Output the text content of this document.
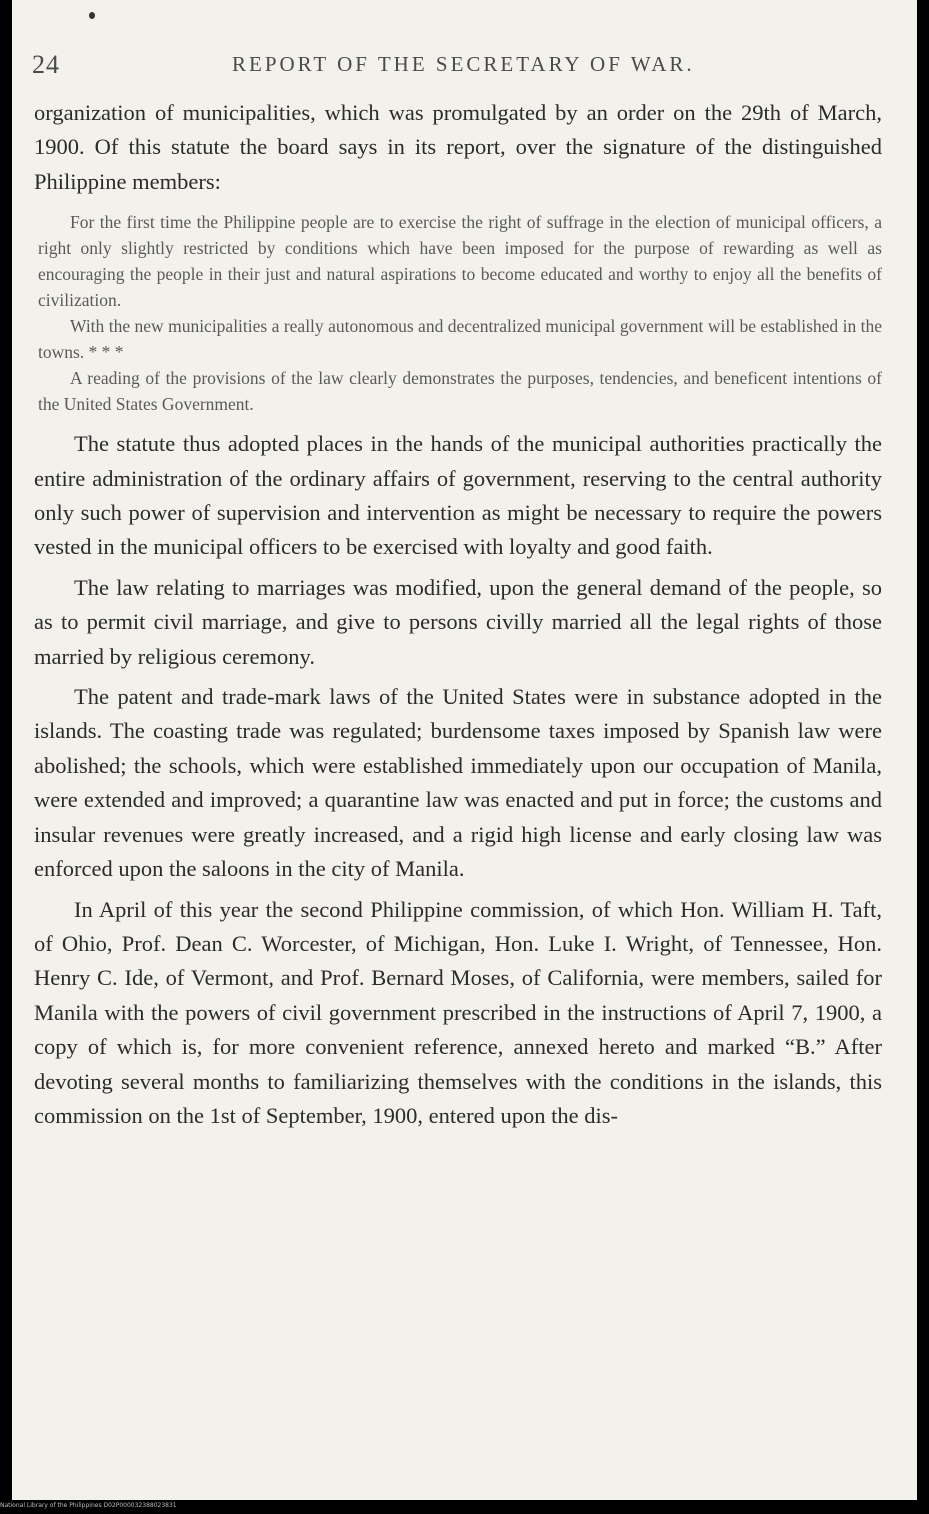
24	REPORT OF THE SECRETARY OF WAR.

organization of municipalities, which was promulgated by an order on the 29th of March, 1900. Of this statute the board says in its report, over the signature of the distinguished Philippine members:

For the first time the Philippine people are to exercise the right of suffrage in the election of municipal officers, a right only slightly restricted by conditions which have been imposed for the purpose of rewarding as well as encouraging the people in their just and natural aspirations to become educated and worthy to enjoy all the benefits of civilization.

With the new municipalities a really autonomous and decentralized municipal government will be established in the towns. * * *

A reading of the provisions of the law clearly demonstrates the purposes, tendencies, and beneficent intentions of the United States Government.

The statute thus adopted places in the hands of the municipal authorities practically the entire administration of the ordinary affairs of government, reserving to the central authority only such power of supervision and intervention as might be necessary to require the powers vested in the municipal officers to be exercised with loyalty and good faith.

The law relating to marriages was modified, upon the general demand of the people, so as to permit civil marriage, and give to persons civilly married all the legal rights of those married by religious ceremony.

The patent and trade-mark laws of the United States were in substance adopted in the islands. The coasting trade was regulated; burdensome taxes imposed by Spanish law were abolished; the schools, which were established immediately upon our occupation of Manila, were extended and improved; a quarantine law was enacted and put in force; the customs and insular revenues were greatly increased, and a rigid high license and early closing law was enforced upon the saloons in the city of Manila.

In April of this year the second Philippine commission, of which Hon. William H. Taft, of Ohio, Prof. Dean C. Worcester, of Michigan, Hon. Luke I. Wright, of Tennessee, Hon. Henry C. Ide, of Vermont, and Prof. Bernard Moses, of California, were members, sailed for Manila with the powers of civil government prescribed in the instructions of April 7, 1900, a copy of which is, for more convenient reference, annexed hereto and marked “B.” After devoting several months to familiarizing themselves with the conditions in the islands, this commission on the 1st of September, 1900, entered upon the dis-

National Library of the Philippines D02P000032388023831
